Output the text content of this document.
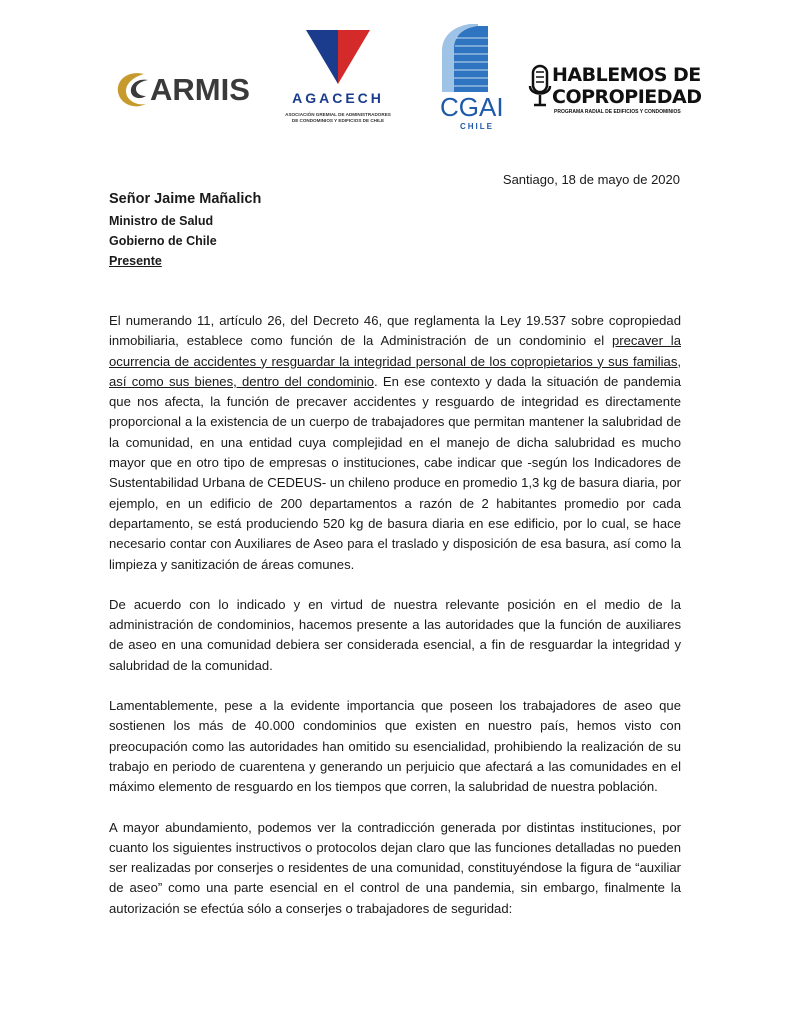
ARMIS	AGACECH
ASOCIACIÓN GREMIAL DE ADMINISTRADORES
DE CONDOMINIOS Y EDIFICIOS DE CHILE	CGAI
CHILE
HABLEMOS DE
COPROPIEDAD
PROGRAMA RADIAL DE EDIFICIOS Y CONDOMINIOS
Santiago, 18 de mayo de 2020
Señor Jaime Mañalich
Ministro de Salud
Gobierno de Chile
Presente

El numerando 11, artículo 26, del Decreto 46, que reglamenta la Ley 19.537 sobre copropiedad inmobiliaria, establece como función de la Administración de un condominio el precaver la ocurrencia de accidentes y resguardar la integridad personal de los copropietarios y sus familias, así como sus bienes, dentro del condominio. En ese contexto y dada la situación de pandemia que nos afecta, la función de precaver accidentes y resguardo de integridad es directamente proporcional a la existencia de un cuerpo de trabajadores que permitan mantener la salubridad de la comunidad, en una entidad cuya complejidad en el manejo de dicha salubridad es mucho mayor que en otro tipo de empresas o instituciones, cabe indicar que -según los Indicadores de Sustentabilidad Urbana de CEDEUS- un chileno produce en promedio 1,3 kg de basura diaria, por ejemplo, en un edificio de 200 departamentos a razón de 2 habitantes promedio por cada departamento, se está produciendo 520 kg de basura diaria en ese edificio, por lo cual, se hace necesario contar con Auxiliares de Aseo para el traslado y disposición de esa basura, así como la limpieza y sanitización de áreas comunes.

De acuerdo con lo indicado y en virtud de nuestra relevante posición en el medio de la administración de condominios, hacemos presente a las autoridades que la función de auxiliares de aseo en una comunidad debiera ser considerada esencial, a fin de resguardar la integridad y salubridad de la comunidad.

Lamentablemente, pese a la evidente importancia que poseen los trabajadores de aseo que sostienen los más de 40.000 condominios que existen en nuestro país, hemos visto con preocupación como las autoridades han omitido su esencialidad, prohibiendo la realización de su trabajo en periodo de cuarentena y generando un perjuicio que afectará a las comunidades en el máximo elemento de resguardo en los tiempos que corren, la salubridad de nuestra población.

A mayor abundamiento, podemos ver la contradicción generada por distintas instituciones, por cuanto los siguientes instructivos o protocolos dejan claro que las funciones detalladas no pueden ser realizadas por conserjes o residentes de una comunidad, constituyéndose la figura de “auxiliar de aseo” como una parte esencial en el control de una pandemia, sin embargo, finalmente la autorización se efectúa sólo a conserjes o trabajadores de seguridad:
